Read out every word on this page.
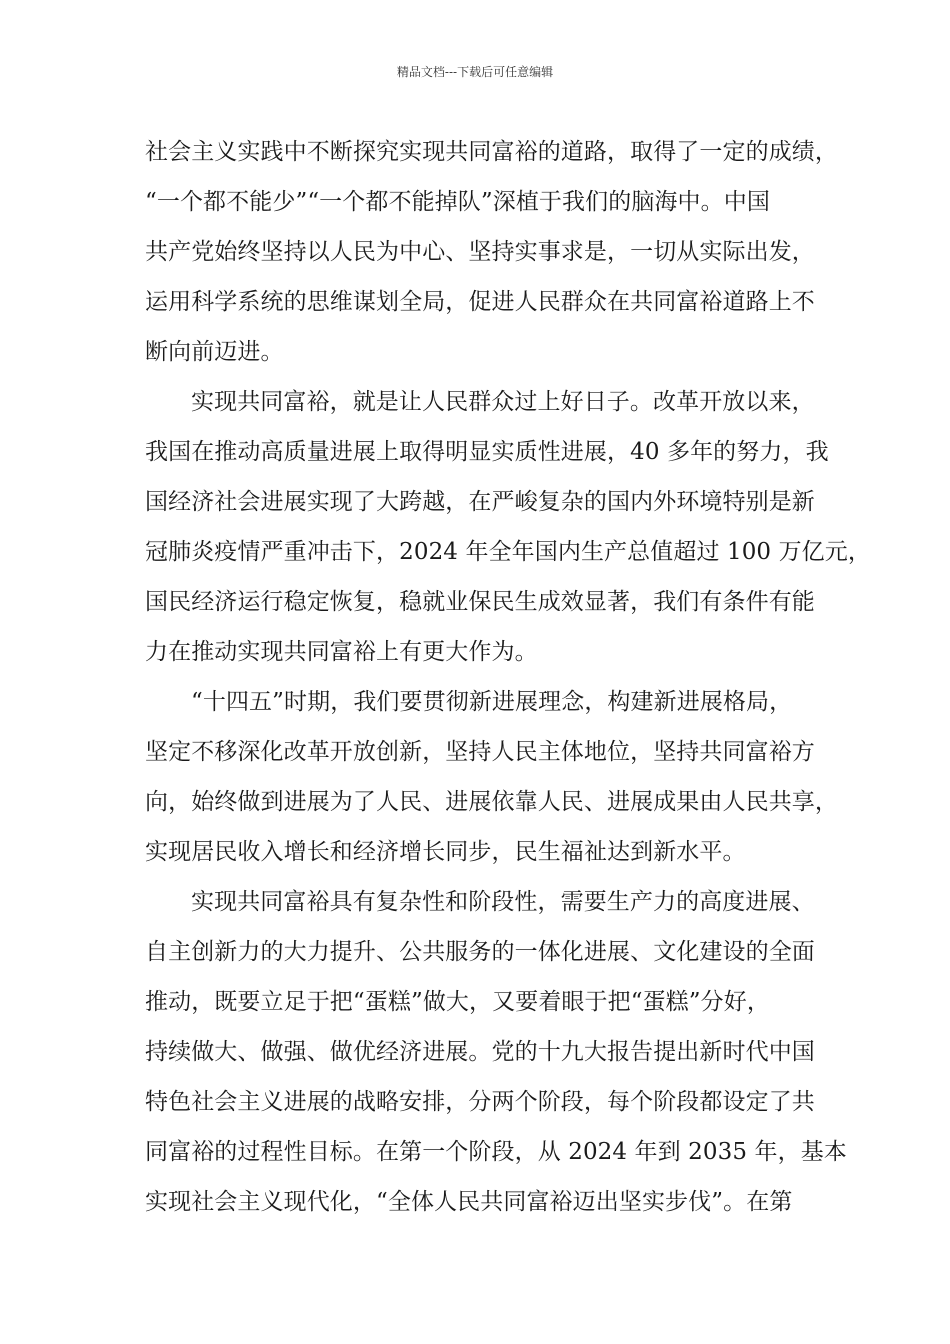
精品文档---下载后可任意编辑
社会主义实践中不断探究实现共同富裕的道路，取得了一定的成绩，
“一个都不能少”“一个都不能掉队”深植于我们的脑海中。中国
共产党始终坚持以人民为中心、坚持实事求是，一切从实际出发，
运用科学系统的思维谋划全局，促进人民群众在共同富裕道路上不
断向前迈进。
实现共同富裕，就是让人民群众过上好日子。改革开放以来，
我国在推动高质量进展上取得明显实质性进展，40 多年的努力，我
国经济社会进展实现了大跨越，在严峻复杂的国内外环境特别是新
冠肺炎疫情严重冲击下，2024 年全年国内生产总值超过 100 万亿元，
国民经济运行稳定恢复，稳就业保民生成效显著，我们有条件有能
力在推动实现共同富裕上有更大作为。
“十四五”时期，我们要贯彻新进展理念，构建新进展格局，
坚定不移深化改革开放创新，坚持人民主体地位，坚持共同富裕方
向，始终做到进展为了人民、进展依靠人民、进展成果由人民共享，
实现居民收入增长和经济增长同步，民生福祉达到新水平。
实现共同富裕具有复杂性和阶段性，需要生产力的高度进展、
自主创新力的大力提升、公共服务的一体化进展、文化建设的全面
推动，既要立足于把“蛋糕”做大，又要着眼于把“蛋糕”分好，
持续做大、做强、做优经济进展。党的十九大报告提出新时代中国
特色社会主义进展的战略安排，分两个阶段，每个阶段都设定了共
同富裕的过程性目标。在第一个阶段，从 2024 年到 2035 年，基本
实现社会主义现代化，“全体人民共同富裕迈出坚实步伐”。在第
